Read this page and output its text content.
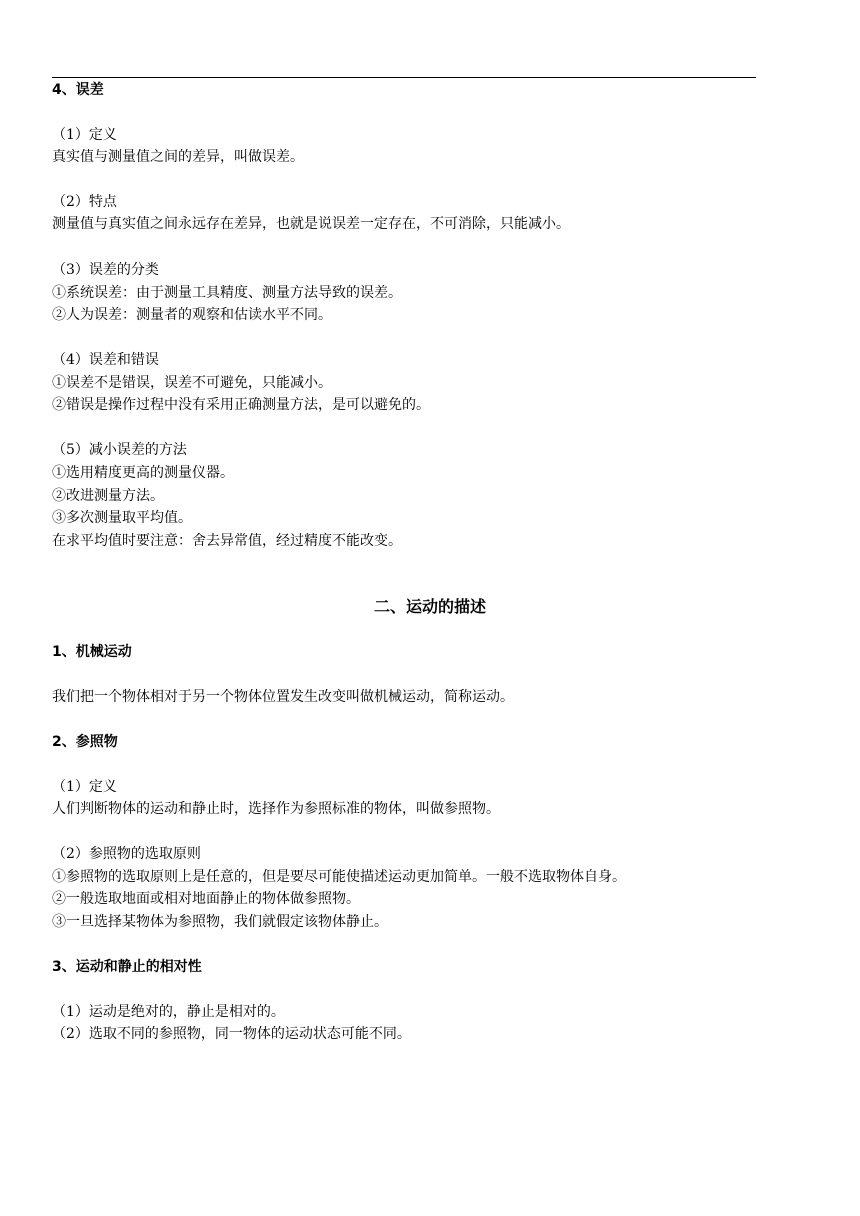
4、误差
（1）定义
真实值与测量值之间的差异，叫做误差。
（2）特点
测量值与真实值之间永远存在差异，也就是说误差一定存在，不可消除，只能减小。
（3）误差的分类
①系统误差：由于测量工具精度、测量方法导致的误差。
②人为误差：测量者的观察和估读水平不同。
（4）误差和错误
①误差不是错误，误差不可避免，只能减小。
②错误是操作过程中没有采用正确测量方法，是可以避免的。
（5）减小误差的方法
①选用精度更高的测量仪器。
②改进测量方法。
③多次测量取平均值。
在求平均值时要注意：舍去异常值，经过精度不能改变。
二、运动的描述
1、机械运动
我们把一个物体相对于另一个物体位置发生改变叫做机械运动，简称运动。
2、参照物
（1）定义
人们判断物体的运动和静止时，选择作为参照标准的物体，叫做参照物。
（2）参照物的选取原则
①参照物的选取原则上是任意的，但是要尽可能使描述运动更加简单。一般不选取物体自身。
②一般选取地面或相对地面静止的物体做参照物。
③一旦选择某物体为参照物，我们就假定该物体静止。
3、运动和静止的相对性
（1）运动是绝对的，静止是相对的。
（2）选取不同的参照物，同一物体的运动状态可能不同。
